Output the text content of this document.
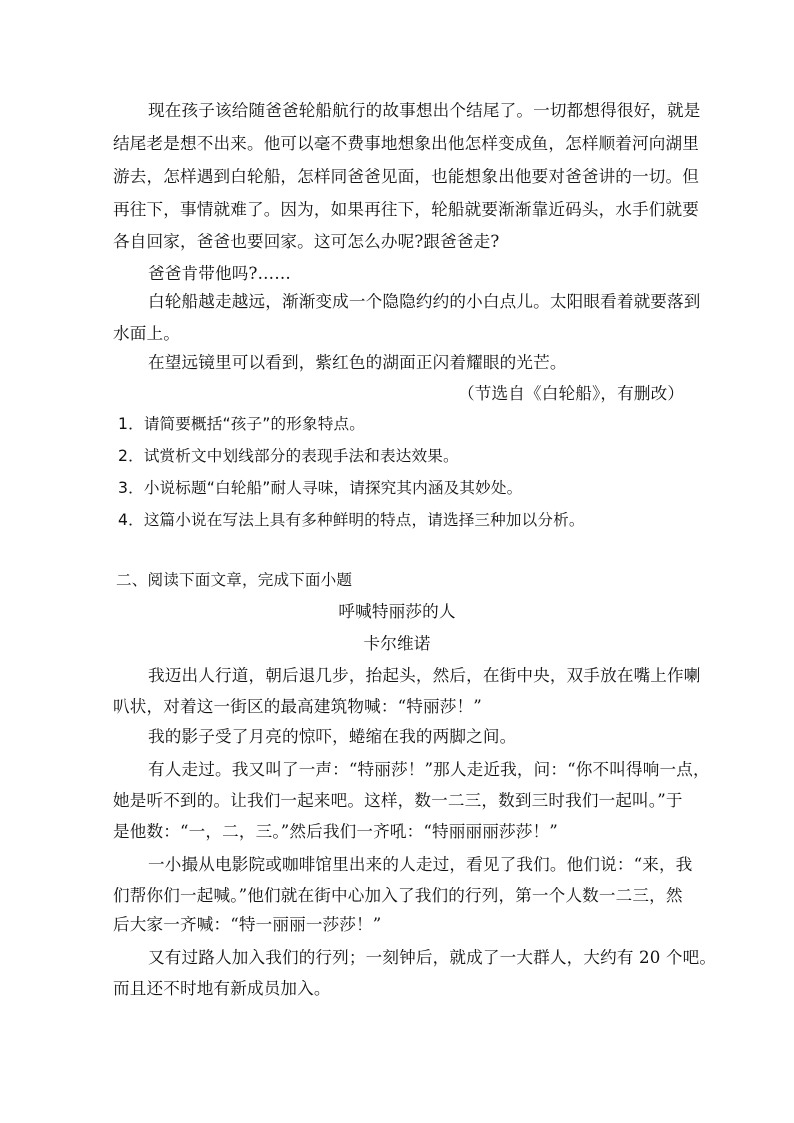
现在孩子该给随爸爸轮船航行的故事想出个结尾了。一切都想得很好，就是
结尾老是想不出来。他可以毫不费事地想象出他怎样变成鱼，怎样顺着河向湖里
游去，怎样遇到白轮船，怎样同爸爸见面，也能想象出他要对爸爸讲的一切。但
再往下，事情就难了。因为，如果再往下，轮船就要渐渐靠近码头，水手们就要
各自回家，爸爸也要回家。这可怎么办呢?跟爸爸走?
爸爸肯带他吗?……
白轮船越走越远，渐渐变成一个隐隐约约的小白点儿。太阳眼看着就要落到
水面上。
在望远镜里可以看到，紫红色的湖面正闪着耀眼的光芒。
（节选自《白轮船》，有删改）
1．请简要概括“孩子”的形象特点。
2．试赏析文中划线部分的表现手法和表达效果。
3．小说标题“白轮船”耐人寻味，请探究其内涵及其妙处。
4．这篇小说在写法上具有多种鲜明的特点，请选择三种加以分析。
二、阅读下面文章，完成下面小题
呼喊特丽莎的人
卡尔维诺
我迈出人行道，朝后退几步，抬起头，然后，在街中央，双手放在嘴上作喇
叭状，对着这一街区的最高建筑物喊：“特丽莎！”
我的影子受了月亮的惊吓，蜷缩在我的两脚之间。
有人走过。我又叫了一声：“特丽莎！”那人走近我，问：“你不叫得响一点，
她是听不到的。让我们一起来吧。这样，数一二三，数到三时我们一起叫。”于
是他数：“一，二，三。”然后我们一齐吼：“特丽丽丽莎莎！”
一小撮从电影院或咖啡馆里出来的人走过，看见了我们。他们说：“来，我
们帮你们一起喊。”他们就在街中心加入了我们的行列，第一个人数一二三，然
后大家一齐喊：“特一丽丽一莎莎！”
又有过路人加入我们的行列；一刻钟后，就成了一大群人，大约有 20 个吧。
而且还不时地有新成员加入。
